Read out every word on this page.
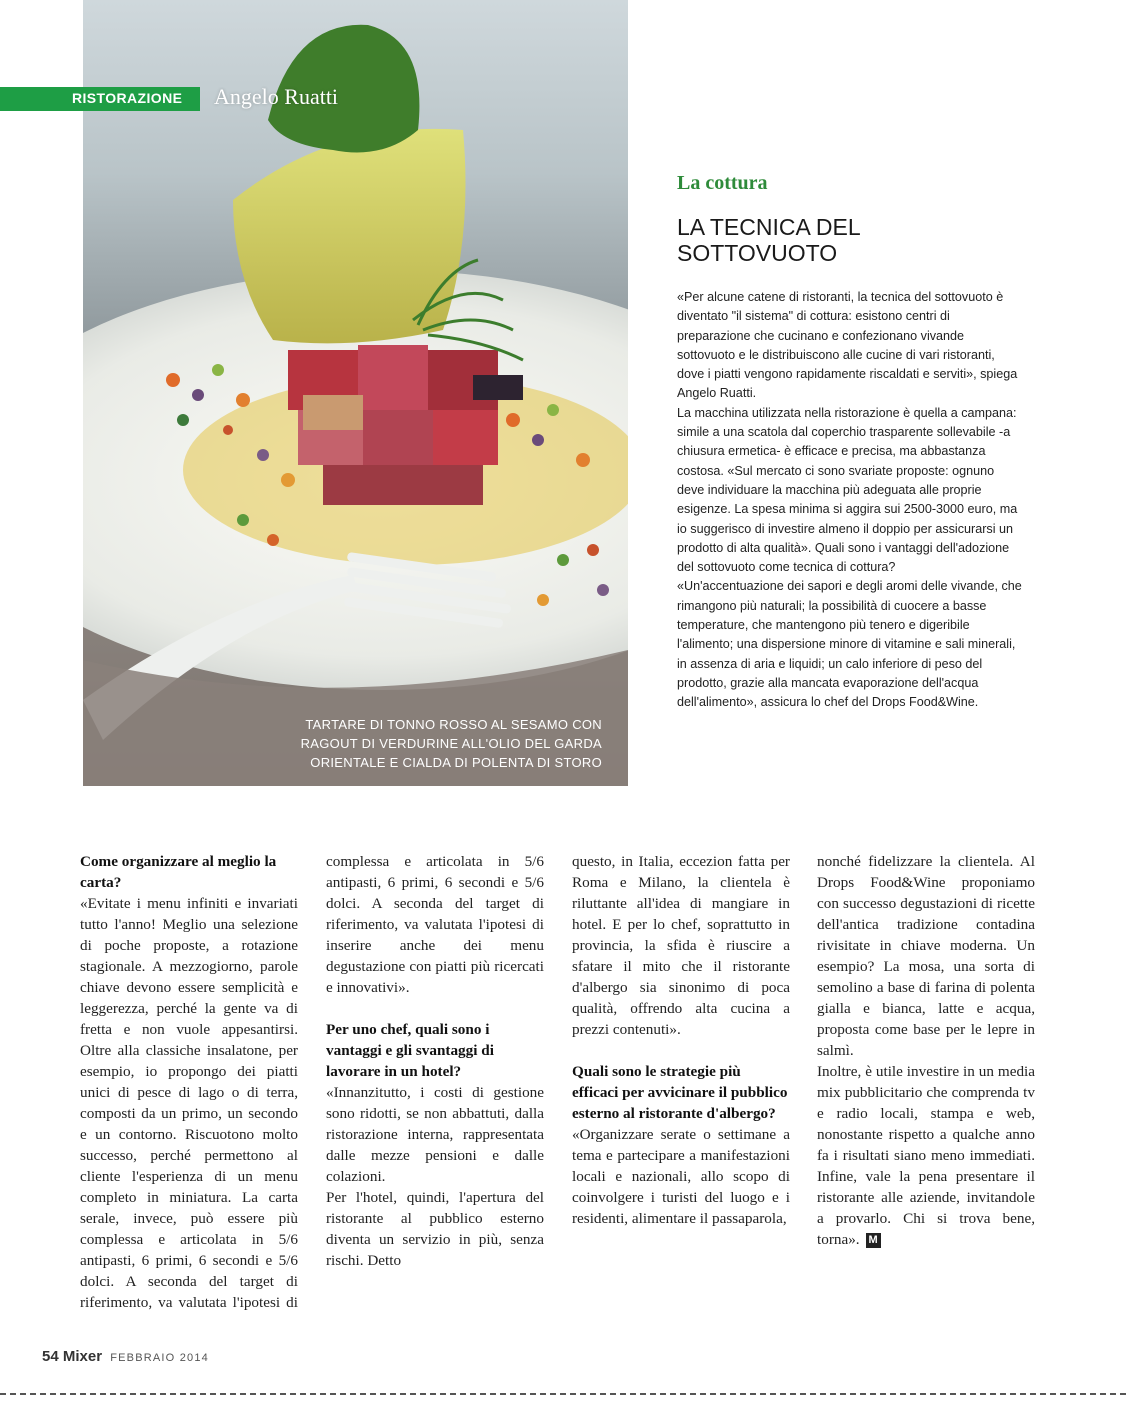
TARTARE DI TONNO ROSSO AL SESAMO CON
RAGOUT DI VERDURINE ALL'OLIO DEL GARDA
ORIENTALE E CIALDA DI POLENTA DI STORO
RISTORAZIONE Angelo Ruatti
La cottura
LA TECNICA DEL
SOTTOVUOTO

«Per alcune catene di ristoranti, la tecnica del sottovuoto è diventato "il sistema" di cottura: esistono centri di preparazione che cucinano e confezionano vivande sottovuoto e le distribuiscono alle cucine di vari ristoranti, dove i piatti vengono rapidamente riscaldati e serviti», spiega Angelo Ruatti.

La macchina utilizzata nella ristorazione è quella a campana: simile a una scatola dal coperchio trasparente sollevabile -a chiusura ermetica- è efficace e precisa, ma abbastanza costosa. «Sul mercato ci sono svariate proposte: ognuno deve individuare la macchina più adeguata alle proprie esigenze. La spesa minima si aggira sui 2500-3000 euro, ma io suggerisco di investire almeno il doppio per assicurarsi un prodotto di alta qualità». Quali sono i vantaggi dell'adozione del sottovuoto come tecnica di cottura?

«Un'accentuazione dei sapori e degli aromi delle vivande, che rimangono più naturali; la possibilità di cuocere a basse temperature, che mantengono più tenero e digeribile l'alimento; una dispersione minore di vitamine e sali minerali, in assenza di aria e liquidi; un calo inferiore di peso del prodotto, grazie alla mancata evaporazione dell'acqua dell'alimento», assicura lo chef del Drops Food&Wine.

Come organizzare al meglio la carta?

«Evitate i menu infiniti e invariati tutto l'anno! Meglio una selezione di poche proposte, a rotazione stagionale. A mezzogiorno, parole chiave devono essere semplicità e leggerezza, perché la gente va di fretta e non vuole appesantirsi. Oltre alla classiche insalatone, per esempio, io propongo dei piatti unici di pesce di lago o di terra, composti da un primo, un secondo e un contorno. Riscuotono molto successo, perché permettono al cliente l'esperienza di un menu completo in miniatura. La carta serale, invece, può essere più complessa e articolata in 5/6 antipasti, 6 primi, 6 secondi e 5/6 dolci. A seconda del target di riferimento, va valutata l'ipotesi di

complessa e articolata in 5/6 antipasti, 6 primi, 6 secondi e 5/6 dolci. A seconda del target di riferimento, va valutata l'ipotesi di inserire anche dei menu degustazione con piatti più ricercati e innovativi».

Per uno chef, quali sono i vantaggi e gli svantaggi di lavorare in un hotel?

«Innanzitutto, i costi di gestione sono ridotti, se non abbattuti, dalla ristorazione interna, rappresentata dalle mezze pensioni e dalle colazioni.

Per l'hotel, quindi, l'apertura del ristorante al pubblico esterno diventa un servizio in più, senza rischi. Detto

questo, in Italia, eccezion fatta per Roma e Milano, la clientela è riluttante all'idea di mangiare in hotel. E per lo chef, soprattutto in provincia, la sfida è riuscire a sfatare il mito che il ristorante d'albergo sia sinonimo di poca qualità, offrendo alta cucina a prezzi contenuti».

Quali sono le strategie più efficaci per avvicinare il pubblico esterno al ristorante d'albergo?

«Organizzare serate o settimane a tema e partecipare a manifestazioni locali e nazionali, allo scopo di coinvolgere i turisti del luogo e i residenti, alimentare il passaparola,

nonché fidelizzare la clientela. Al Drops Food&Wine proponiamo con successo degustazioni di ricette dell'antica tradizione contadina rivisitate in chiave moderna. Un esempio? La mosa, una sorta di semolino a base di farina di polenta gialla e bianca, latte e acqua, proposta come base per le lepre in salmì.

Inoltre, è utile investire in un media mix pubblicitario che comprenda tv e radio locali, stampa e web, nonostante rispetto a qualche anno fa i risultati siano meno immediati. Infine, vale la pena presentare il ristorante alle aziende, invitandole a provarlo. Chi si trova bene, torna». M

54 Mixer FEBBRAIO 2014
